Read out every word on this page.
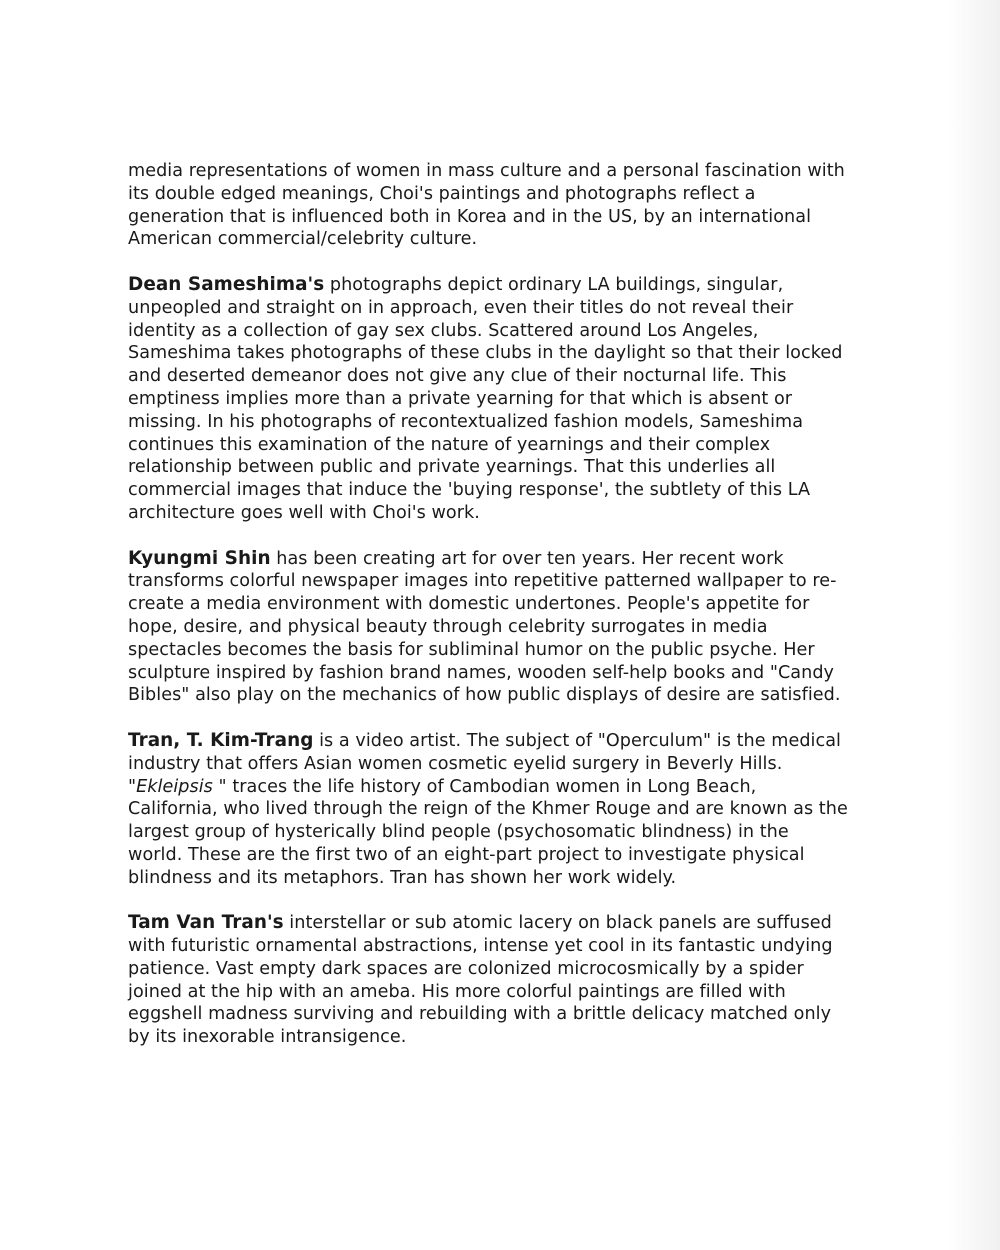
media representations of women in mass culture and a personal fascination with its double edged meanings, Choi's paintings and photographs reflect a generation that is influenced both in Korea and in the US, by an international American commercial/celebrity culture.

Dean Sameshima's photographs depict ordinary LA buildings, singular, unpeopled and straight on in approach, even their titles do not reveal their identity as a collection of gay sex clubs. Scattered around Los Angeles, Sameshima takes photographs of these clubs in the daylight so that their locked and deserted demeanor does not give any clue of their nocturnal life. This emptiness implies more than a private yearning for that which is absent or missing. In his photographs of recontextualized fashion models, Sameshima continues this examination of the nature of yearnings and their complex relationship between public and private yearnings. That this underlies all commercial images that induce the 'buying response', the subtlety of this LA architecture goes well with Choi's work.

Kyungmi Shin has been creating art for over ten years. Her recent work transforms colorful newspaper images into repetitive patterned wallpaper to re-create a media environment with domestic undertones. People's appetite for hope, desire, and physical beauty through celebrity surrogates in media spectacles becomes the basis for subliminal humor on the public psyche. Her sculpture inspired by fashion brand names, wooden self-help books and "Candy Bibles" also play on the mechanics of how public displays of desire are satisfied.

Tran, T. Kim-Trang is a video artist. The subject of "Operculum" is the medical industry that offers Asian women cosmetic eyelid surgery in Beverly Hills. "Ekleipsis " traces the life history of Cambodian women in Long Beach, California, who lived through the reign of the Khmer Rouge and are known as the largest group of hysterically blind people (psychosomatic blindness) in the world. These are the first two of an eight-part project to investigate physical blindness and its metaphors. Tran has shown her work widely.

Tam Van Tran's interstellar or sub atomic lacery on black panels are suffused with futuristic ornamental abstractions, intense yet cool in its fantastic undying patience. Vast empty dark spaces are colonized microcosmically by a spider joined at the hip with an ameba. His more colorful paintings are filled with eggshell madness surviving and rebuilding with a brittle delicacy matched only by its inexorable intransigence.
